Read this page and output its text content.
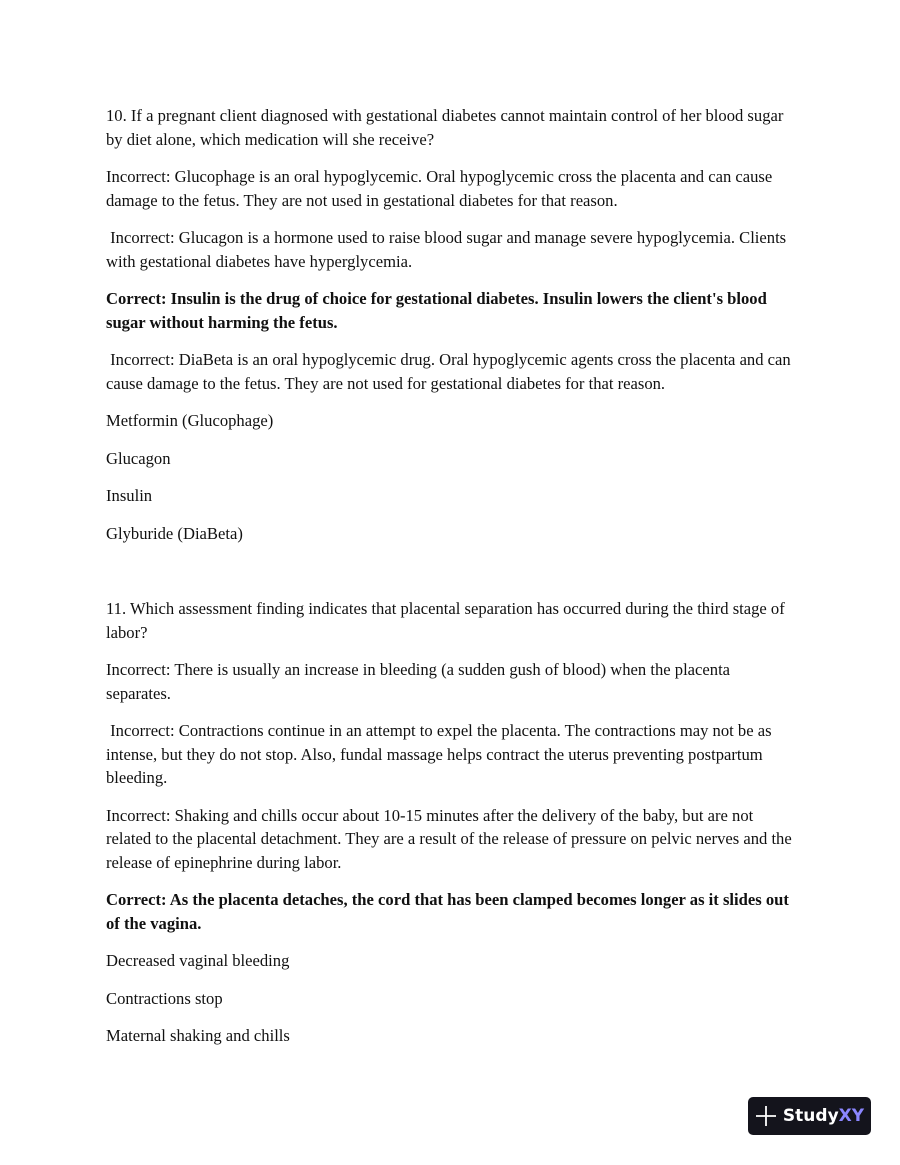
10. If a pregnant client diagnosed with gestational diabetes cannot maintain control of her blood sugar by diet alone, which medication will she receive?

Incorrect: Glucophage is an oral hypoglycemic. Oral hypoglycemic cross the placenta and can cause damage to the fetus. They are not used in gestational diabetes for that reason.

Incorrect: Glucagon is a hormone used to raise blood sugar and manage severe hypoglycemia. Clients with gestational diabetes have hyperglycemia.

Correct: Insulin is the drug of choice for gestational diabetes. Insulin lowers the client's blood sugar without harming the fetus.

Incorrect: DiaBeta is an oral hypoglycemic drug. Oral hypoglycemic agents cross the placenta and can cause damage to the fetus. They are not used for gestational diabetes for that reason.

Metformin (Glucophage)

Glucagon

Insulin

Glyburide (DiaBeta)

11. Which assessment finding indicates that placental separation has occurred during the third stage of labor?

Incorrect: There is usually an increase in bleeding (a sudden gush of blood) when the placenta separates.

Incorrect: Contractions continue in an attempt to expel the placenta. The contractions may not be as intense, but they do not stop. Also, fundal massage helps contract the uterus preventing postpartum bleeding.

Incorrect: Shaking and chills occur about 10-15 minutes after the delivery of the baby, but are not related to the placental detachment. They are a result of the release of pressure on pelvic nerves and the release of epinephrine during labor.

Correct: As the placenta detaches, the cord that has been clamped becomes longer as it slides out of the vagina.

Decreased vaginal bleeding

Contractions stop

Maternal shaking and chills

StudyXY
